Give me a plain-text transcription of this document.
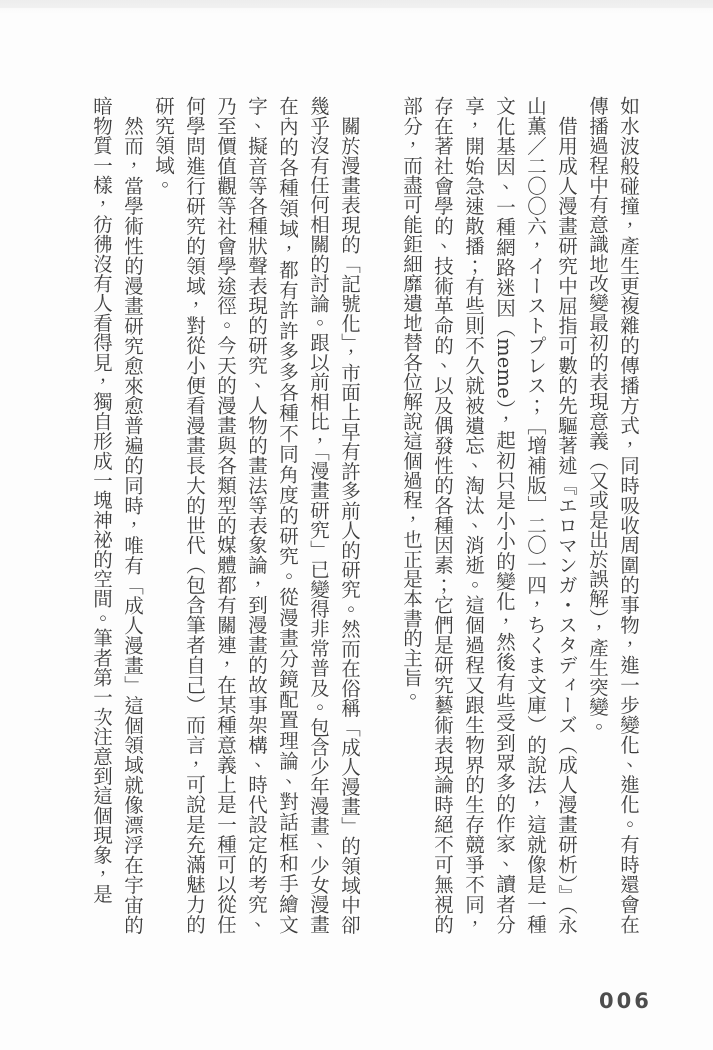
如水波般碰撞，產生更複雜的傳播方式，同時吸收周圍的事物，進一步變化、進化。有時還會在傳播過程中有意識地改變最初的表現意義（又或是出於誤解），產生突變。

借用成人漫畫研究中屈指可數的先驅著述『エロマンガ・スタディーズ（成人漫畫研析）』（永山薫／二〇〇六，イーストプレス；［增補版］二〇一四，ちくま文庫）的說法，這就像是一種文化基因、一種網路迷因（meme），起初只是小小的變化，然後有些受到眾多的作家、讀者分享，開始急速散播；有些則不久就被遺忘、淘汰、消逝。這個過程又跟生物界的生存競爭不同，存在著社會學的、技術革命的、以及偶發性的各種因素；它們是研究藝術表現論時絕不可無視的部分，而盡可能鉅細靡遺地替各位解說這個過程，也正是本書的主旨。

關於漫畫表現的「記號化」，市面上早有許多前人的研究。然而在俗稱「成人漫畫」的領域中卻幾乎沒有任何相關的討論。跟以前相比，「漫畫研究」已變得非常普及。包含少年漫畫、少女漫畫在內的各種領域，都有許許多多各種不同角度的研究。從漫畫分鏡配置理論、對話框和手繪文字、擬音等各種狀聲表現的研究、人物的畫法等表象論，到漫畫的故事架構、時代設定的考究、乃至價值觀等社會學途徑。今天的漫畫與各類型的媒體都有關連，在某種意義上是一種可以從任何學問進行研究的領域，對從小便看漫畫長大的世代（包含筆者自己）而言，可說是充滿魅力的研究領域。

然而，當學術性的漫畫研究愈來愈普遍的同時，唯有「成人漫畫」這個領域就像漂浮在宇宙的暗物質一樣，彷彿沒有人看得見，獨自形成一塊神祕的空間。筆者第一次注意到這個現象，是

006
